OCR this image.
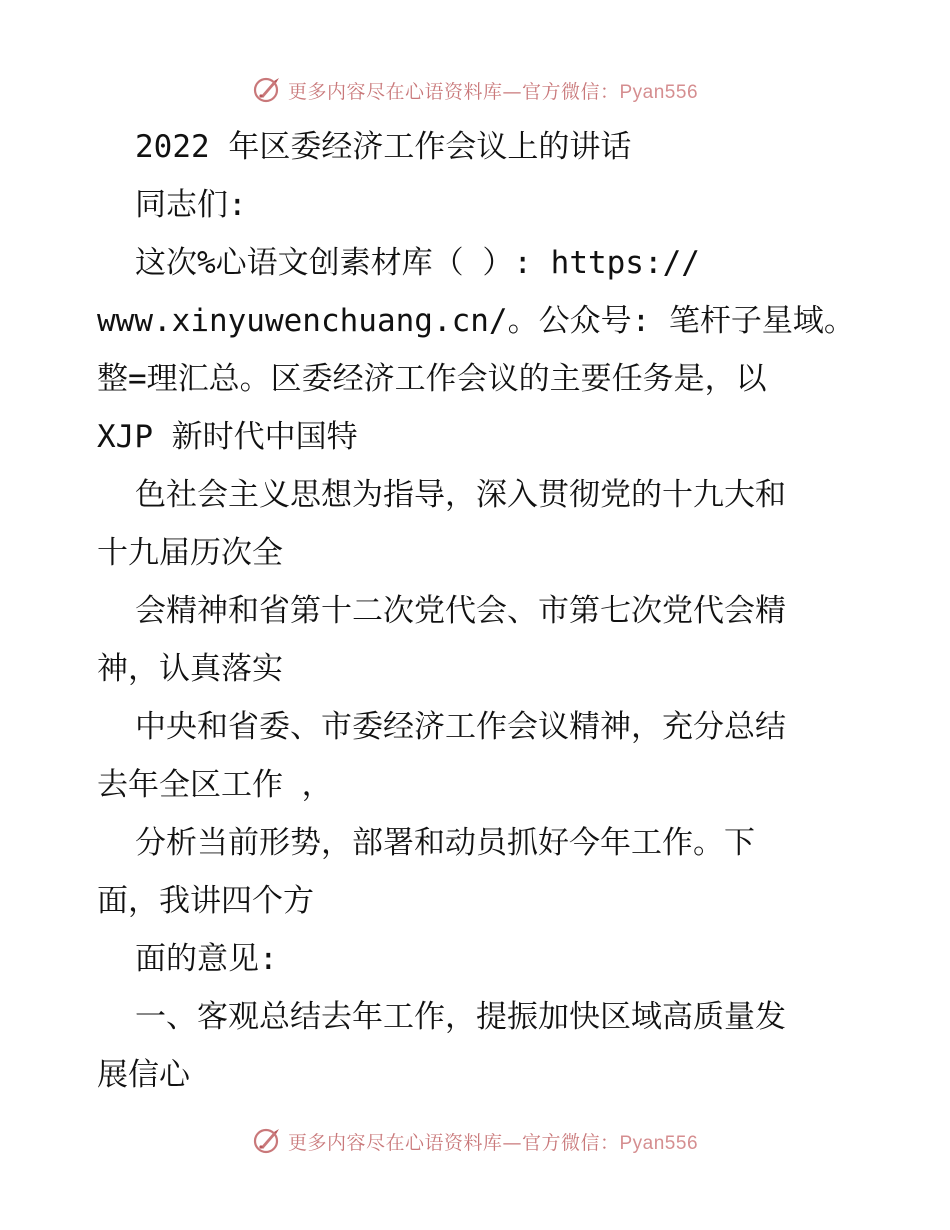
更多内容尽在心语资料库—官方微信：Pyan556
2022 年区委经济工作会议上的讲话
同志们:
这次%心语文创素材库（ ）: https://
www.xinyuwenchuang.cn/。公众号: 笔杆子星域。
整=理汇总。区委经济工作会议的主要任务是，以
XJP 新时代中国特
色社会主义思想为指导，深入贯彻党的十九大和
十九届历次全
会精神和省第十二次党代会、市第七次党代会精
神，认真落实
中央和省委、市委经济工作会议精神，充分总结
去年全区工作 ，
分析当前形势，部署和动员抓好今年工作。下
面，我讲四个方
面的意见:
一、客观总结去年工作，提振加快区域高质量发
展信心
更多内容尽在心语资料库—官方微信：Pyan556
